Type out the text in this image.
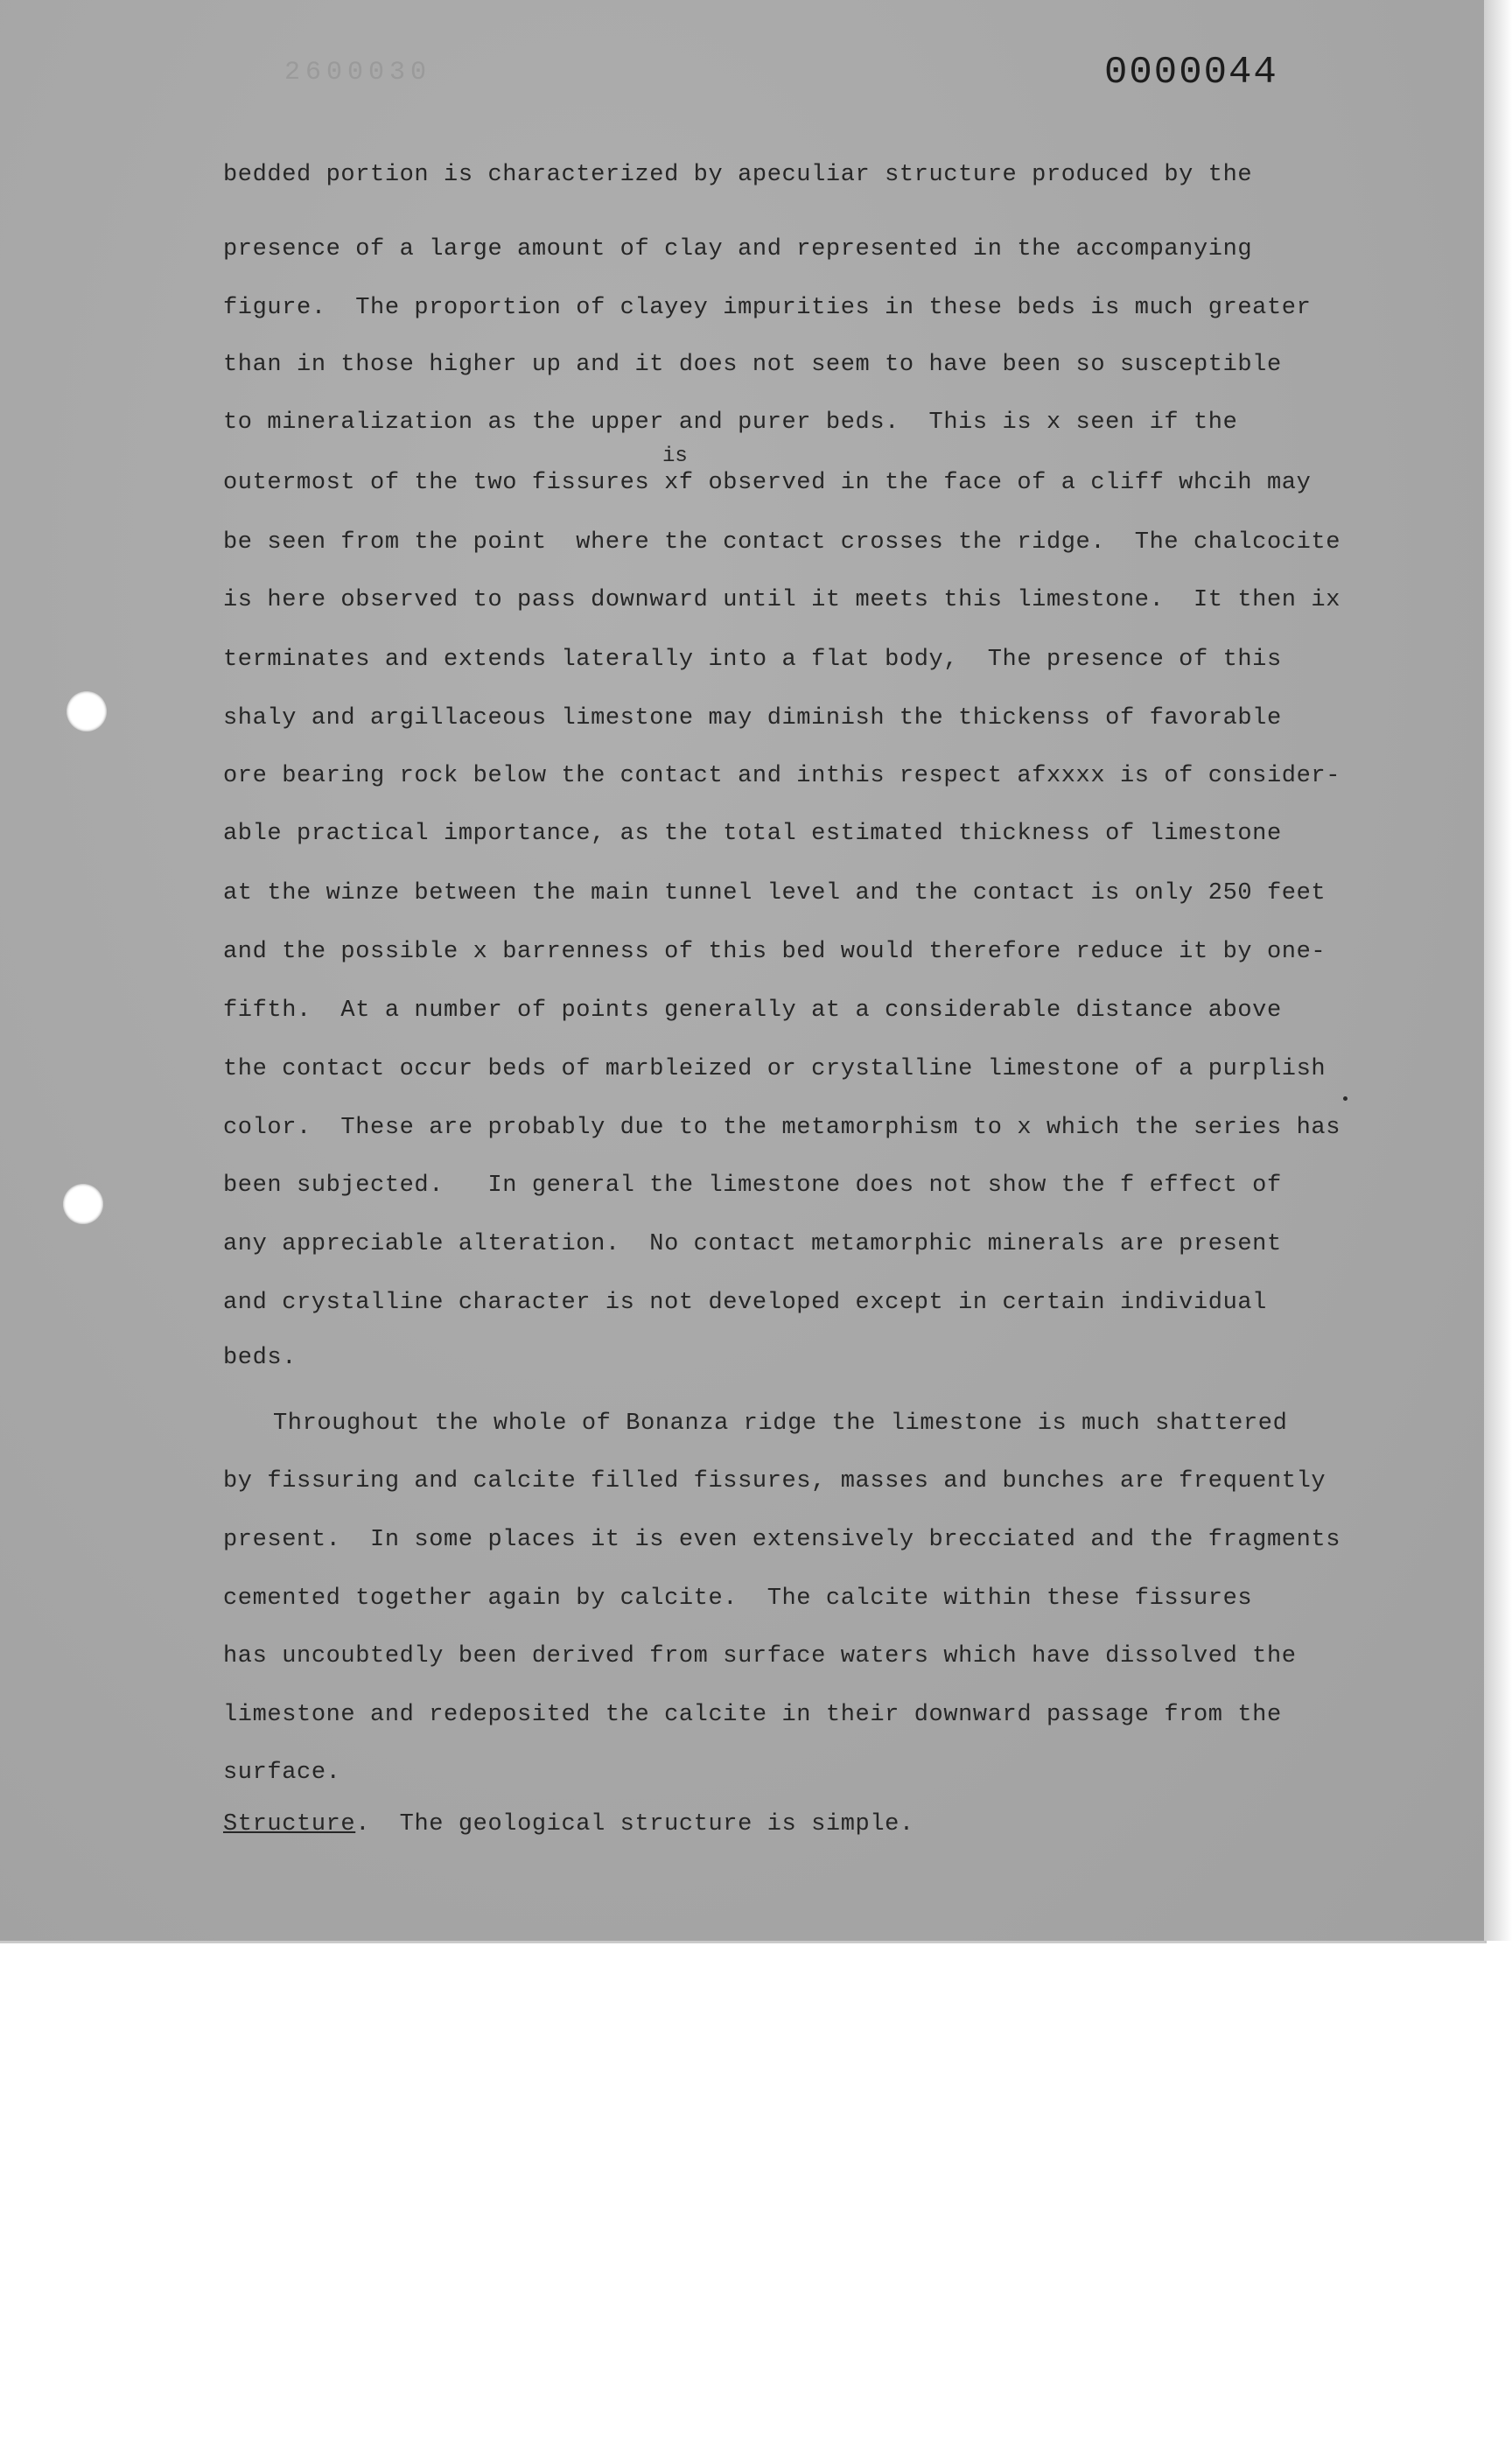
2600030	0000044
bedded portion is characterized by apeculiar structure produced by the
presence of a large amount of clay and represented in the accompanying
figure.  The proportion of clayey impurities in these beds is much greater
than in those higher up and it does not seem to have been so susceptible
to mineralization as the upper and purer beds.  This is x seen if the
is
outermost of the two fissures xf observed in the face of a cliff whcih may
be seen from the point  where the contact crosses the ridge.  The chalcocite
is here observed to pass downward until it meets this limestone.  It then ix
terminates and extends laterally into a flat body,  The presence of this
shaly and argillaceous limestone may diminish the thickenss of favorable
ore bearing rock below the contact and inthis respect afxxxx is of consider-
able practical importance, as the total estimated thickness of limestone
at the winze between the main tunnel level and the contact is only 250 feet
and the possible x barrenness of this bed would therefore reduce it by one-
fifth.  At a number of points generally at a considerable distance above
the contact occur beds of marbleized or crystalline limestone of a purplish
color.  These are probably due to the metamorphism to x which the series has
been subjected.   In general the limestone does not show the f effect of
any appreciable alteration.  No contact metamorphic minerals are present
and crystalline character is not developed except in certain individual
beds.
Throughout the whole of Bonanza ridge the limestone is much shattered
by fissuring and calcite filled fissures, masses and bunches are frequently
present.  In some places it is even extensively brecciated and the fragments
cemented together again by calcite.  The calcite within these fissures
has uncoubtedly been derived from surface waters which have dissolved the
limestone and redeposited the calcite in their downward passage from the
surface.
Structure.  The geological structure is simple.
